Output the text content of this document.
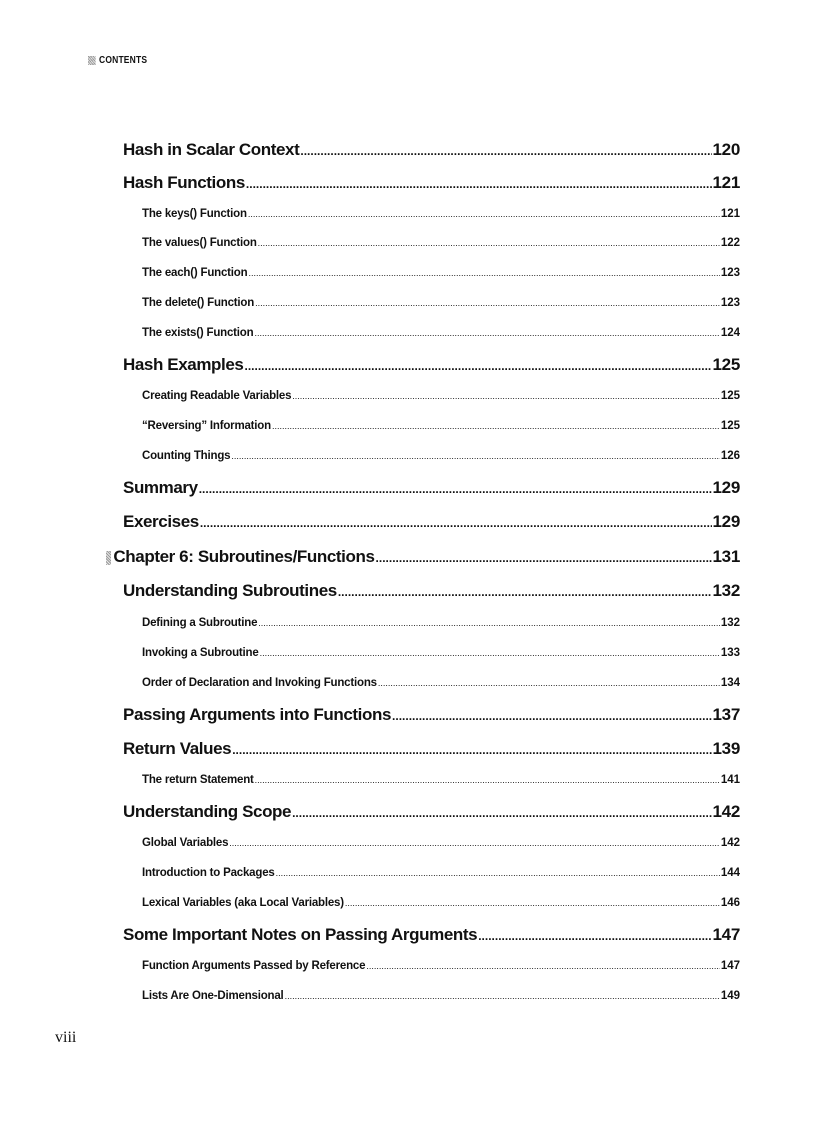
CONTENTS
Hash in Scalar Context .....	120
Hash Functions .....	121
The keys() Function .....	121
The values() Function .....	122
The each() Function .....	123
The delete() Function .....	123
The exists() Function .....	124
Hash Examples .....	125
Creating Readable Variables .....	125
“Reversing” Information .....	125
Counting Things .....	126
Summary .....	129
Exercises .....	129
Chapter 6: Subroutines/Functions .....	131
Understanding Subroutines .....	132
Defining a Subroutine .....	132
Invoking a Subroutine .....	133
Order of Declaration and Invoking Functions .....	134
Passing Arguments into Functions .....	137
Return Values .....	139
The return Statement .....	141
Understanding Scope .....	142
Global Variables .....	142
Introduction to Packages .....	144
Lexical Variables (aka Local Variables) .....	146
Some Important Notes on Passing Arguments .....	147
Function Arguments Passed by Reference .....	147
Lists Are One-Dimensional .....	149
viii
